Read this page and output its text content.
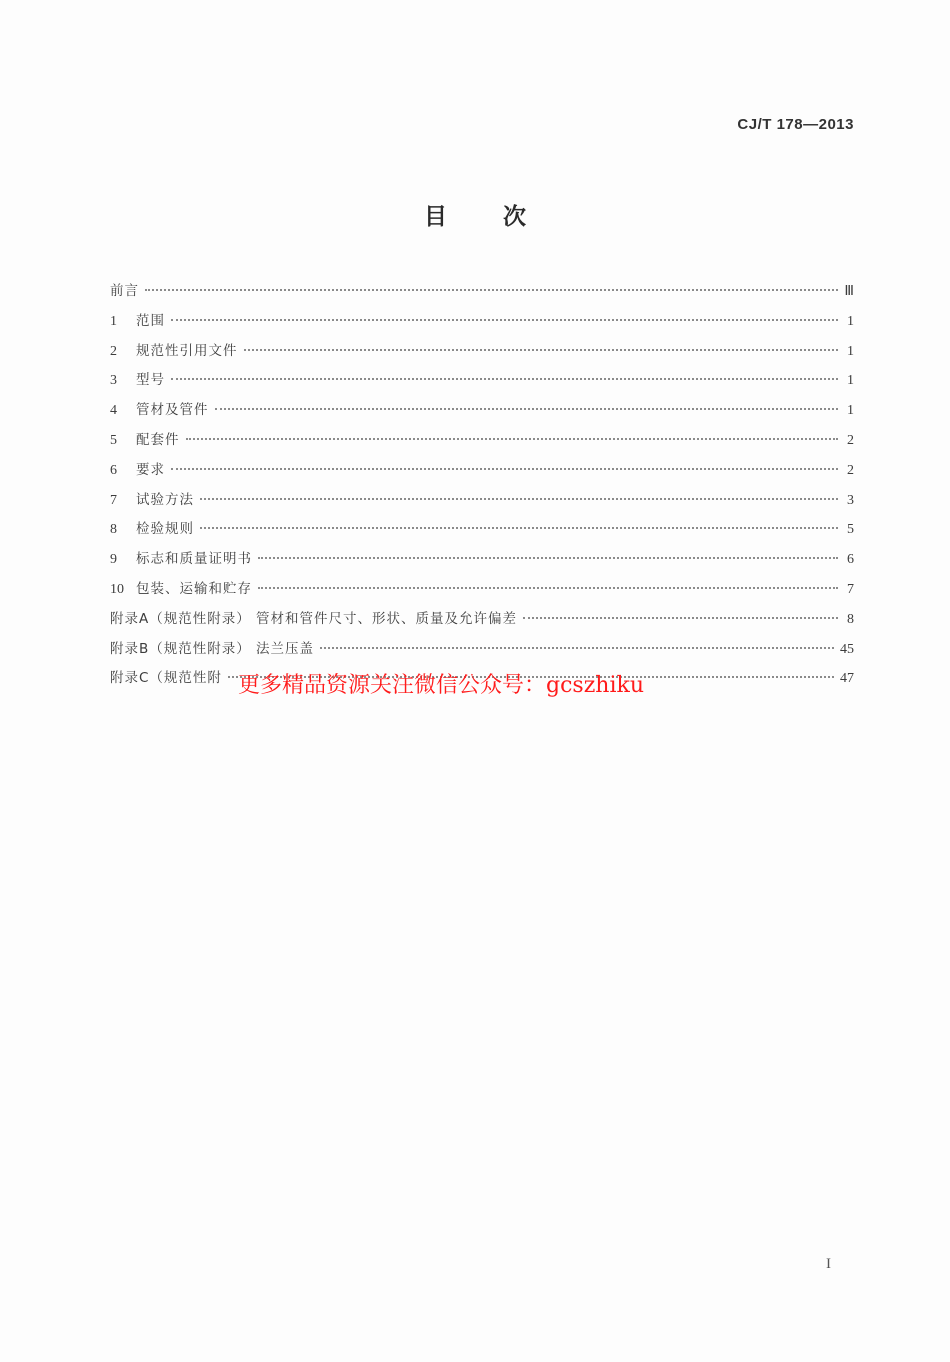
CJ/T 178—2013
目次
前言	Ⅲ
1	范围	1
2	规范性引用文件	1
3	型号	1
4	管材及管件	1
5	配套件	2
6	要求	2
7	试验方法	3
8	检验规则	5
9	标志和质量证明书	6
10 包装、运输和贮存	7
附录A（规范性附录） 管材和管件尺寸、形状、质量及允许偏差	8
附录B（规范性附录） 法兰压盖	45
附录C（规范性附	47
更多精品资源关注微信公众号：gcszhiku
I
